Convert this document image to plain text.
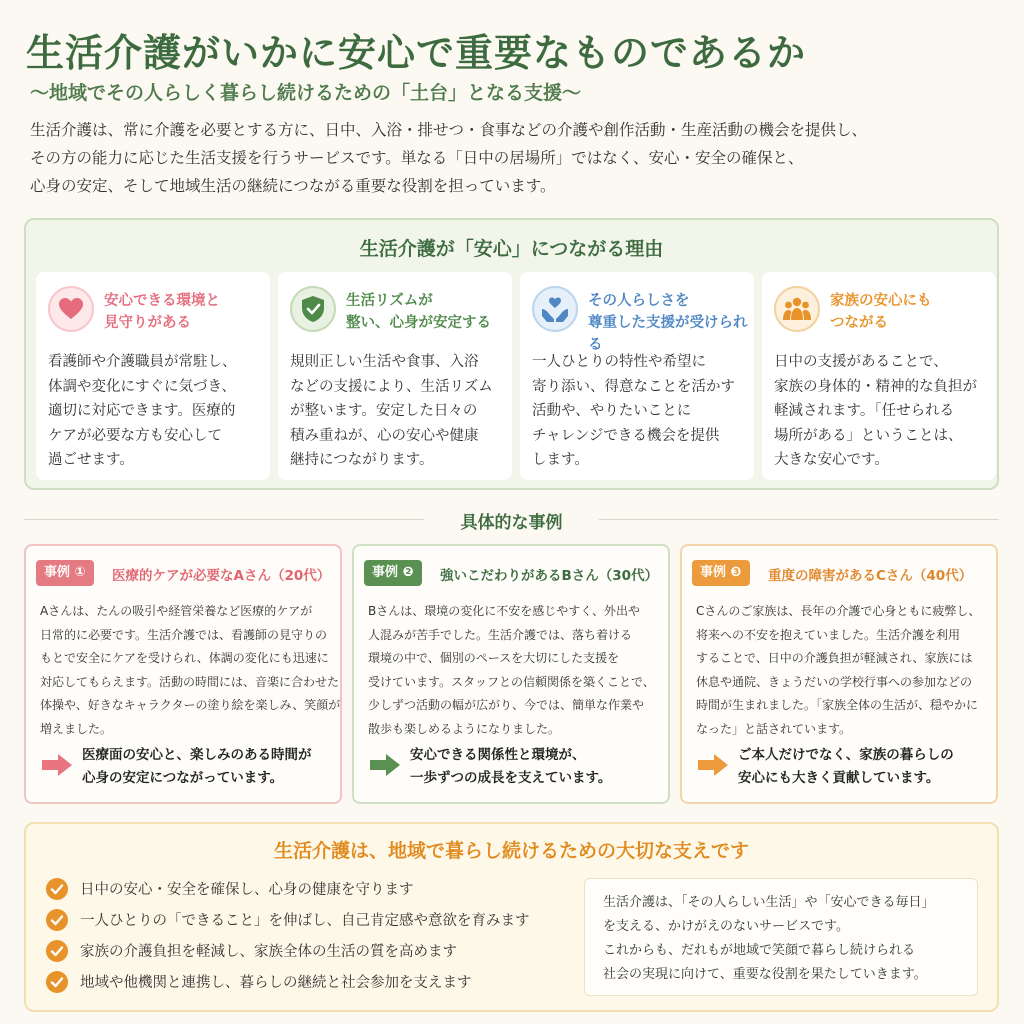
生活介護がいかに安心で重要なものであるか
〜地域でその人らしく暮らし続けるための「土台」となる支援〜
生活介護は、常に介護を必要とする方に、日中、入浴・排せつ・食事などの介護や創作活動・生産活動の機会を提供し、
その方の能力に応じた生活支援を行うサービスです。単なる「日中の居場所」ではなく、安心・安全の確保と、
心身の安定、そして地域生活の継続につながる重要な役割を担っています。
生活介護が「安心」につながる理由
安心できる環境と
見守りがある
看護師や介護職員が常駐し、
体調や変化にすぐに気づき、
適切に対応できます。医療的
ケアが必要な方も安心して
過ごせます。
生活リズムが
整い、心身が安定する
規則正しい生活や食事、入浴
などの支援により、生活リズム
が整います。安定した日々の
積み重ねが、心の安心や健康
継持につながります。
その人らしさを
尊重した支援が受けられる
一人ひとりの特性や希望に
寄り添い、得意なことを活かす
活動や、やりたいことに
チャレンジできる機会を提供
します。
家族の安心にも
つながる
日中の支援があることで、
家族の身体的・精神的な負担が
軽減されます。「任せられる
場所がある」ということは、
大きな安心です。
具体的な事例
事例 ①	医療的ケアが必要なAさん（20代）
Aさんは、たんの吸引や経管栄養など医療的ケアが
日常的に必要です。生活介護では、看護師の見守りの
もとで安全にケアを受けられ、体調の変化にも迅速に
対応してもらえます。活動の時間には、音楽に合わせた
体操や、好きなキャラクターの塗り絵を楽しみ、笑顔が
増えました。
医療面の安心と、楽しみのある時間が
心身の安定につながっています。
事例 ❷	強いこだわりがあるBさん（30代）
Bさんは、環境の変化に不安を感じやすく、外出や
人混みが苦手でした。生活介護では、落ち着ける
環境の中で、個別のペースを大切にした支援を
受けています。スタッフとの信頼関係を築くことで、
少しずつ活動の幅が広がり、今では、簡単な作業や
散歩も楽しめるようになりました。
安心できる関係性と環境が、
一歩ずつの成長を支えています。
事例 ❸	重度の障害があるCさん（40代）
Cさんのご家族は、長年の介護で心身ともに疲弊し、
将来への不安を抱えていました。生活介護を利用
することで、日中の介護負担が軽減され、家族には
休息や通院、きょうだいの学校行事への参加などの
時間が生まれました。「家族全体の生活が、穏やかに
なった」と話されています。
ご本人だけでなく、家族の暮らしの
安心にも大きく貢献しています。
生活介護は、地域で暮らし続けるための大切な支えです
日中の安心・安全を確保し、心身の健康を守ります
一人ひとりの「できること」を伸ばし、自己肯定感や意欲を育みます
家族の介護負担を軽減し、家族全体の生活の質を高めます
地域や他機関と連携し、暮らしの継続と社会参加を支えます
生活介護は、「その人らしい生活」や「安心できる毎日」
を支える、かけがえのないサービスです。
これからも、だれもが地域で笑顔で暮らし続けられる
社会の実現に向けて、重要な役割を果たしていきます。
